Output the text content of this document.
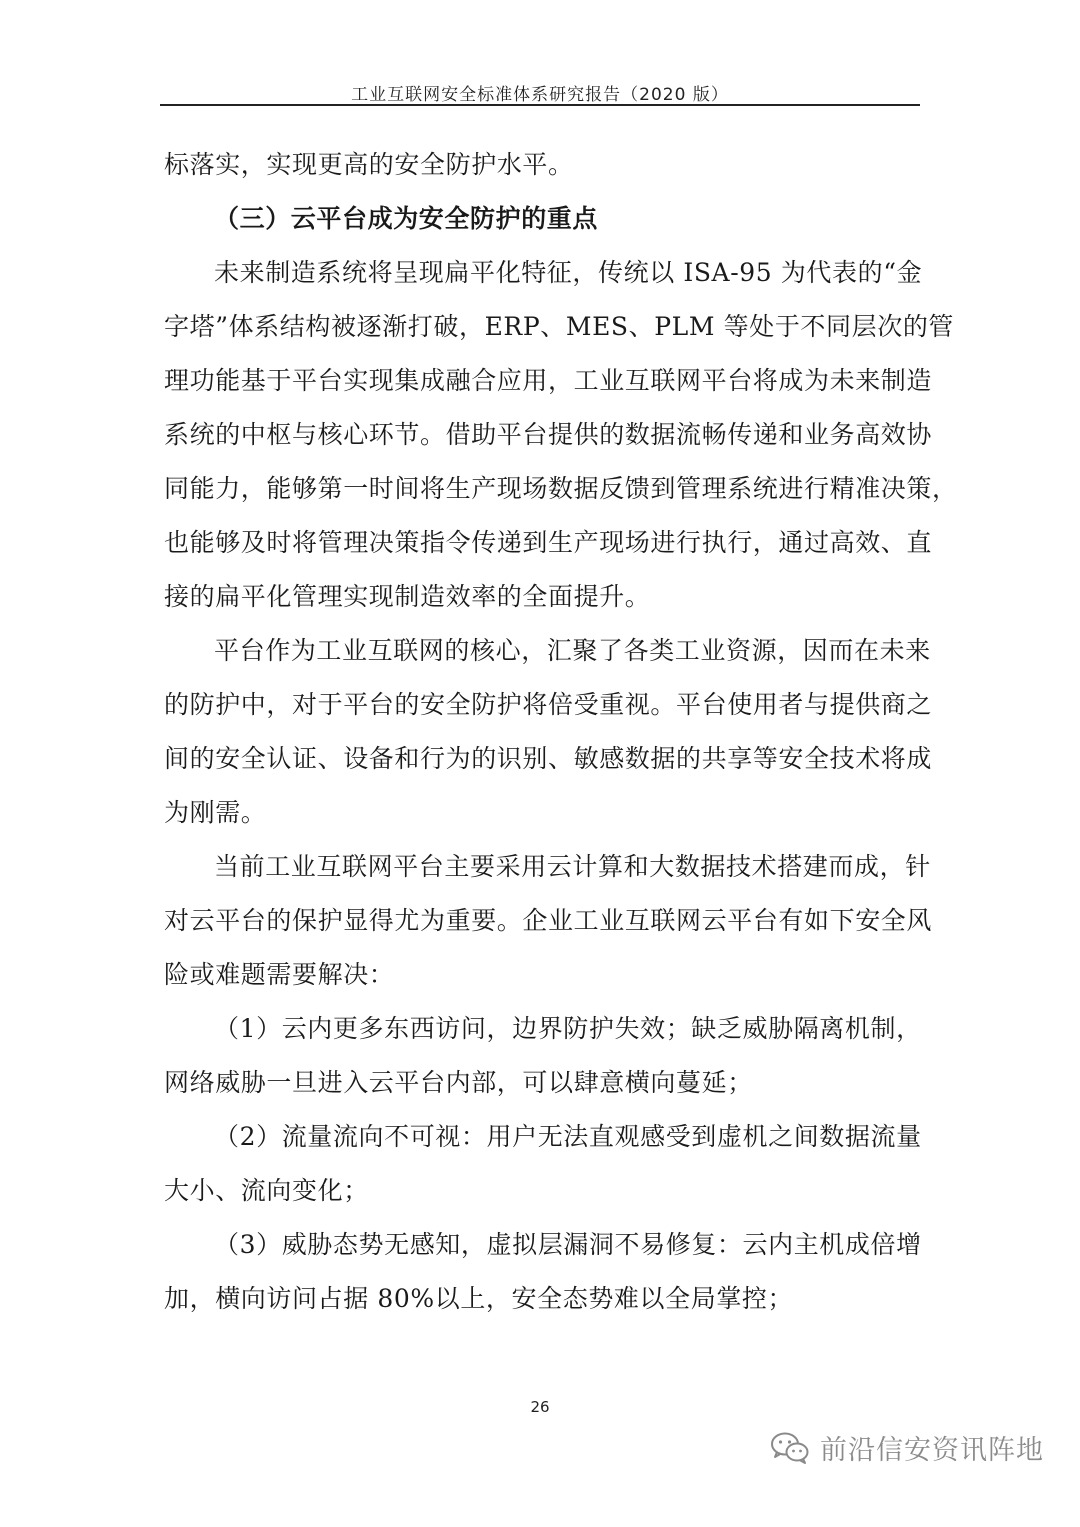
工业互联网安全标准体系研究报告（2020 版）
标落实，实现更高的安全防护水平。
（三）云平台成为安全防护的重点
未来制造系统将呈现扁平化特征，传统以 ISA-95 为代表的“金
字塔”体系结构被逐渐打破，ERP、MES、PLM 等处于不同层次的管
理功能基于平台实现集成融合应用，工业互联网平台将成为未来制造
系统的中枢与核心环节。借助平台提供的数据流畅传递和业务高效协
同能力，能够第一时间将生产现场数据反馈到管理系统进行精准决策，
也能够及时将管理决策指令传递到生产现场进行执行，通过高效、直
接的扁平化管理实现制造效率的全面提升。
平台作为工业互联网的核心，汇聚了各类工业资源，因而在未来
的防护中，对于平台的安全防护将倍受重视。平台使用者与提供商之
间的安全认证、设备和行为的识别、敏感数据的共享等安全技术将成
为刚需。
当前工业互联网平台主要采用云计算和大数据技术搭建而成，针
对云平台的保护显得尤为重要。企业工业互联网云平台有如下安全风
险或难题需要解决：
（1）云内更多东西访问，边界防护失效；缺乏威胁隔离机制，
网络威胁一旦进入云平台内部，可以肆意横向蔓延；
（2）流量流向不可视：用户无法直观感受到虚机之间数据流量
大小、流向变化；
（3）威胁态势无感知，虚拟层漏洞不易修复：云内主机成倍增
加，横向访问占据 80%以上，安全态势难以全局掌控；
26
前沿信安资讯阵地
